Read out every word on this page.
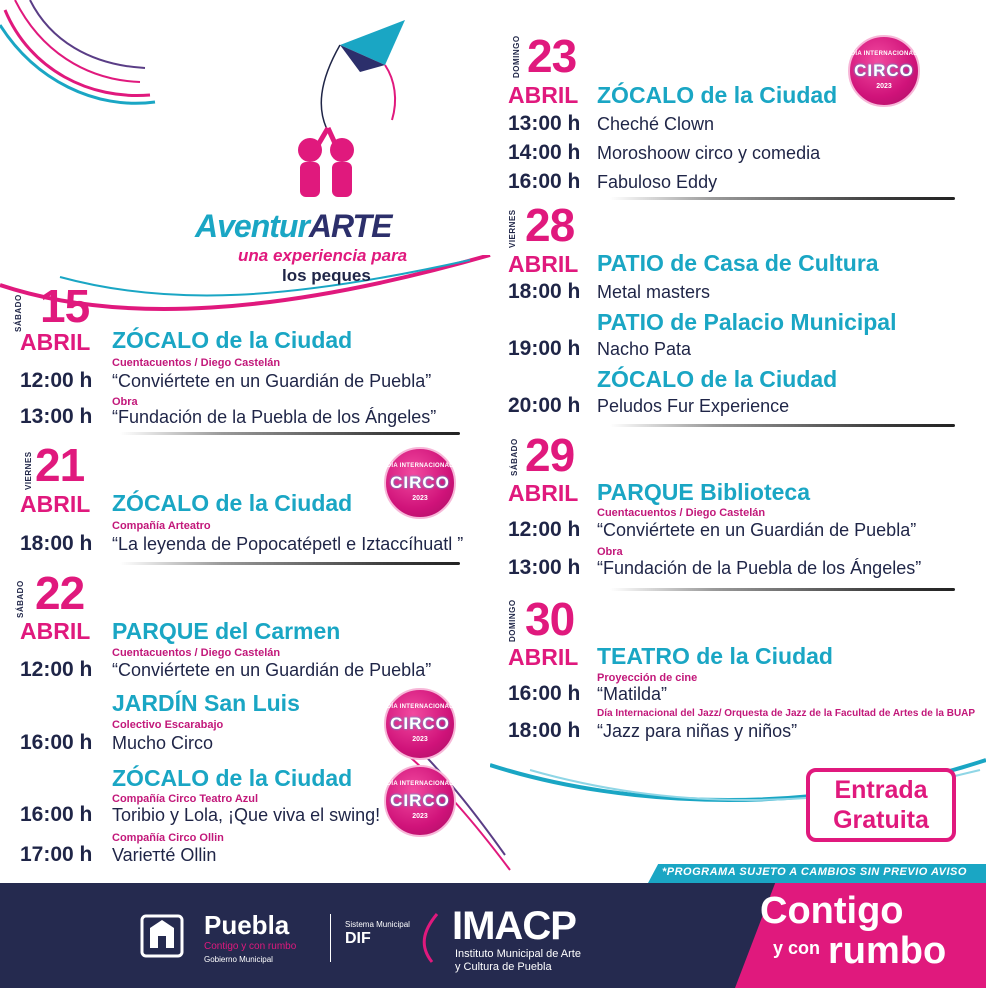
AventurARTE
una experiencia para
los peques
SÁBADO 15
ABRIL ZÓCALO de la Ciudad
Cuentacuentos / Diego Castelán
12:00 h “Conviértete en un Guardián de Puebla”
Obra
13:00 h “Fundación de la Puebla de los Ángeles”
VIERNES 21
ABRIL ZÓCALO de la Ciudad
Compañía Arteatro
18:00 h “La leyenda de Popocatépetl e Iztaccíhuatl ”
DÍA INTERNACIONAL
CIRCO
2023
SÁBADO 22
ABRIL PARQUE del Carmen
Cuentacuentos / Diego Castelán
12:00 h “Conviértete en un Guardián de Puebla”
JARDÍN San Luis
Colectivo Escarabajo
16:00 h Mucho Circo
DÍA INTERNACIONAL
CIRCO
2023
ZÓCALO de la Ciudad
Compañía Circo Teatro Azul
16:00 h Toribio y Lola, ¡Que viva el swing!
DÍA INTERNACIONAL
CIRCO
2023
Compañía Circo Ollin
17:00 h Variетté Ollin
DOMINGO 23
ABRIL ZÓCALO de la Ciudad
13:00 h Cheché Clown
14:00 h Moroshoow circo y comedia
16:00 h Fabuloso Eddy
DÍA INTERNACIONAL
CIRCO
2023
VIERNES 28
ABRIL PATIO de Casa de Cultura
18:00 h Metal masters
PATIO de Palacio Municipal
19:00 h Nacho Pata
ZÓCALO de la Ciudad
20:00 h Peludos Fur Experience
SÁBADO 29
ABRIL PARQUE Biblioteca
Cuentacuentos / Diego Castelán
12:00 h “Conviértete en un Guardián de Puebla”
Obra
13:00 h “Fundación de la Puebla de los Ángeles”
DOMINGO 30
ABRIL TEATRO de la Ciudad
Proyección de cine
16:00 h “Matilda”
Día Internacional del Jazz/ Orquesta de Jazz de la Facultad de Artes de la BUAP
18:00 h “Jazz para niñas y niños”
Entrada
Gratuita
*PROGRAMA SUJETO A CAMBIOS SIN PREVIO AVISO
Puebla
Contigo y con rumbo
Gobierno Municipal
Sistema Municipal
DIF IMACP
Instituto Municipal de Arte
y Cultura de Puebla
Contigo
y con rumbo
